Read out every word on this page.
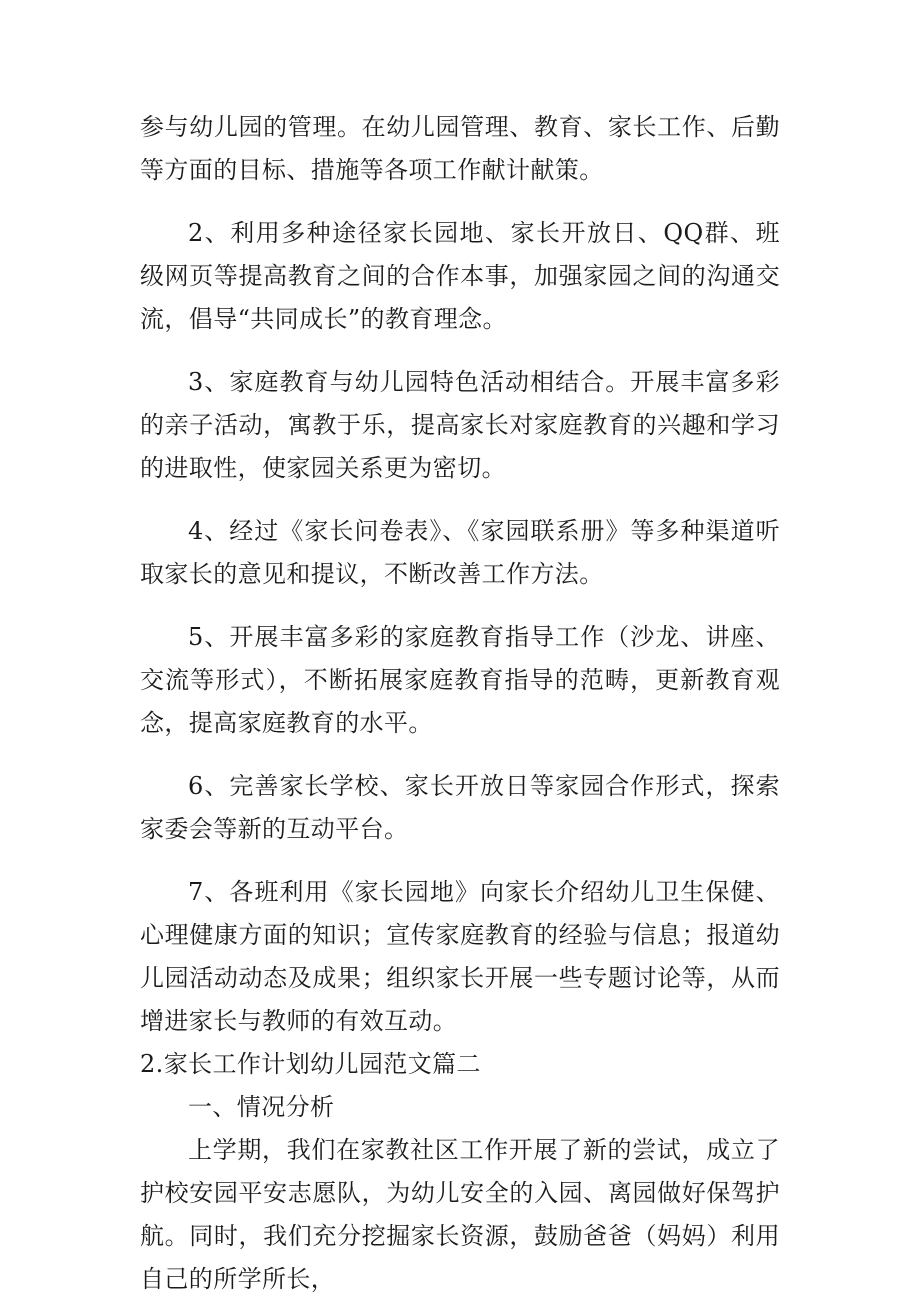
参与幼儿园的管理。在幼儿园管理、教育、家长工作、后勤等方面的目标、措施等各项工作献计献策。

2、利用多种途径家长园地、家长开放日、QQ群、班级网页等提高教育之间的合作本事，加强家园之间的沟通交流，倡导“共同成长”的教育理念。

3、家庭教育与幼儿园特色活动相结合。开展丰富多彩的亲子活动，寓教于乐，提高家长对家庭教育的兴趣和学习的进取性，使家园关系更为密切。

4、经过《家长问卷表》、《家园联系册》等多种渠道听取家长的意见和提议，不断改善工作方法。

5、开展丰富多彩的家庭教育指导工作（沙龙、讲座、交流等形式），不断拓展家庭教育指导的范畴，更新教育观念，提高家庭教育的水平。

6、完善家长学校、家长开放日等家园合作形式，探索家委会等新的互动平台。

7、各班利用《家长园地》向家长介绍幼儿卫生保健、心理健康方面的知识；宣传家庭教育的经验与信息；报道幼儿园活动动态及成果；组织家长开展一些专题讨论等，从而增进家长与教师的有效互动。

2.家长工作计划幼儿园范文篇二

一、情况分析

上学期，我们在家教社区工作开展了新的尝试，成立了护校安园平安志愿队，为幼儿安全的入园、离园做好保驾护航。同时，我们充分挖掘家长资源，鼓励爸爸（妈妈）利用自己的所学所长，
